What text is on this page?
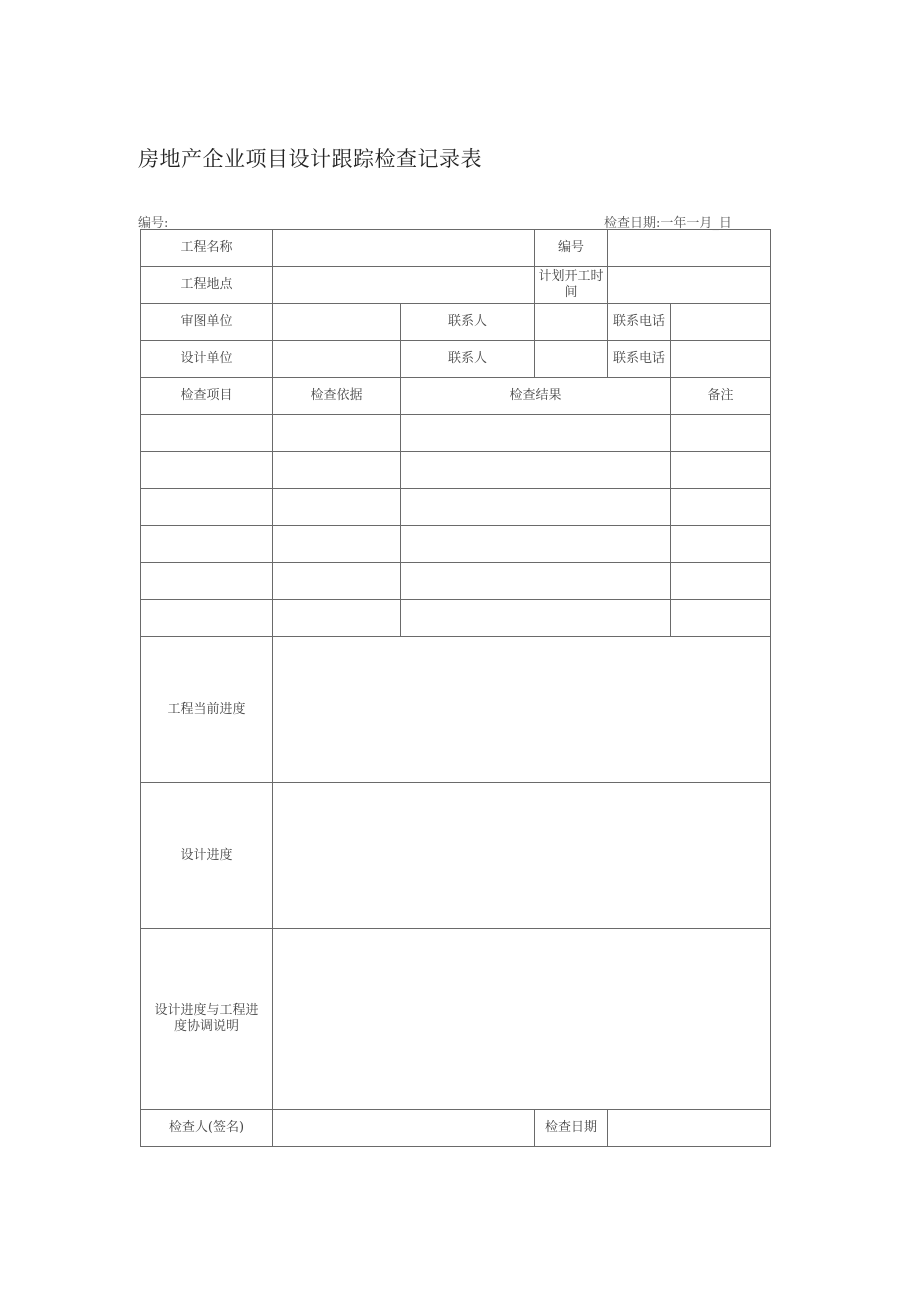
房地产企业项目设计跟踪检查记录表
编号:	检查日期:一年一月_日
工程名称			编号		
工程地点			计划开工时间		
审图单位		联系人		联系电话	
设计单位		联系人		联系电话	
检查项目	检查依据	检查结果			备注

工程当前进度					
设计进度					

设计进度与工程进
度协调说明					

检查人(签名)			检查日期		
